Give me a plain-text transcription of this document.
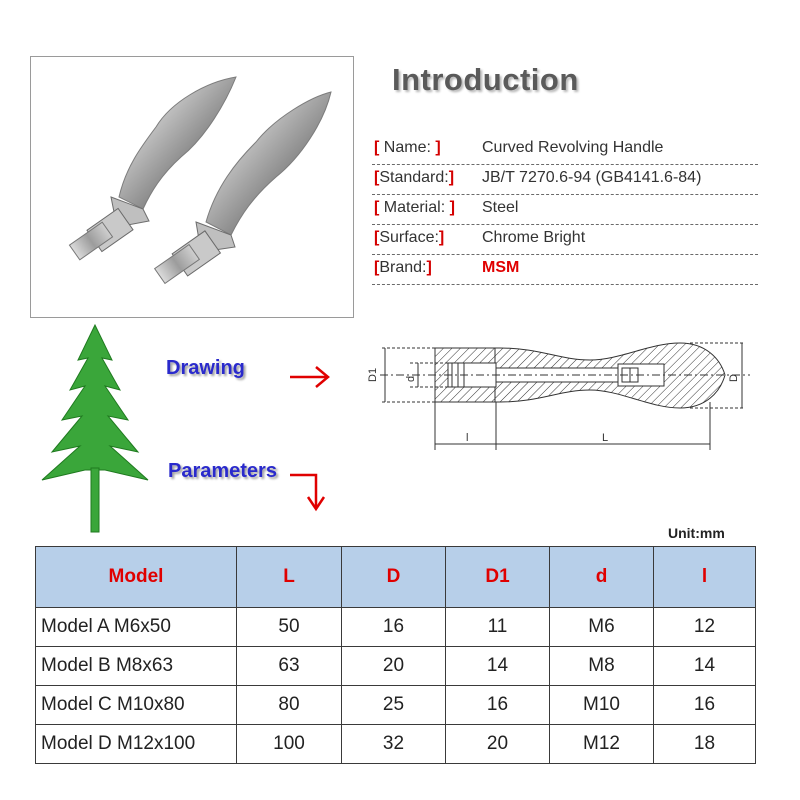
Introduction
[ Name: ]	Curved Revolving Handle
[Standard:] JB/T 7270.6-94 (GB4141.6-84)
[ Material: ] Steel
[Surface:] Chrome Bright
[Brand:]	MSM
Drawing	D1 d	D
l	L
Parameters
Unit:mm
Model	L	D	D1	d	l
Model A M6x50	50	16	11	M6	12
Model B M8x63	63	20	14	M8	14
Model C M10x80	80	25	16	M10	16
Model D M12x100	100	32	20	M12	18
